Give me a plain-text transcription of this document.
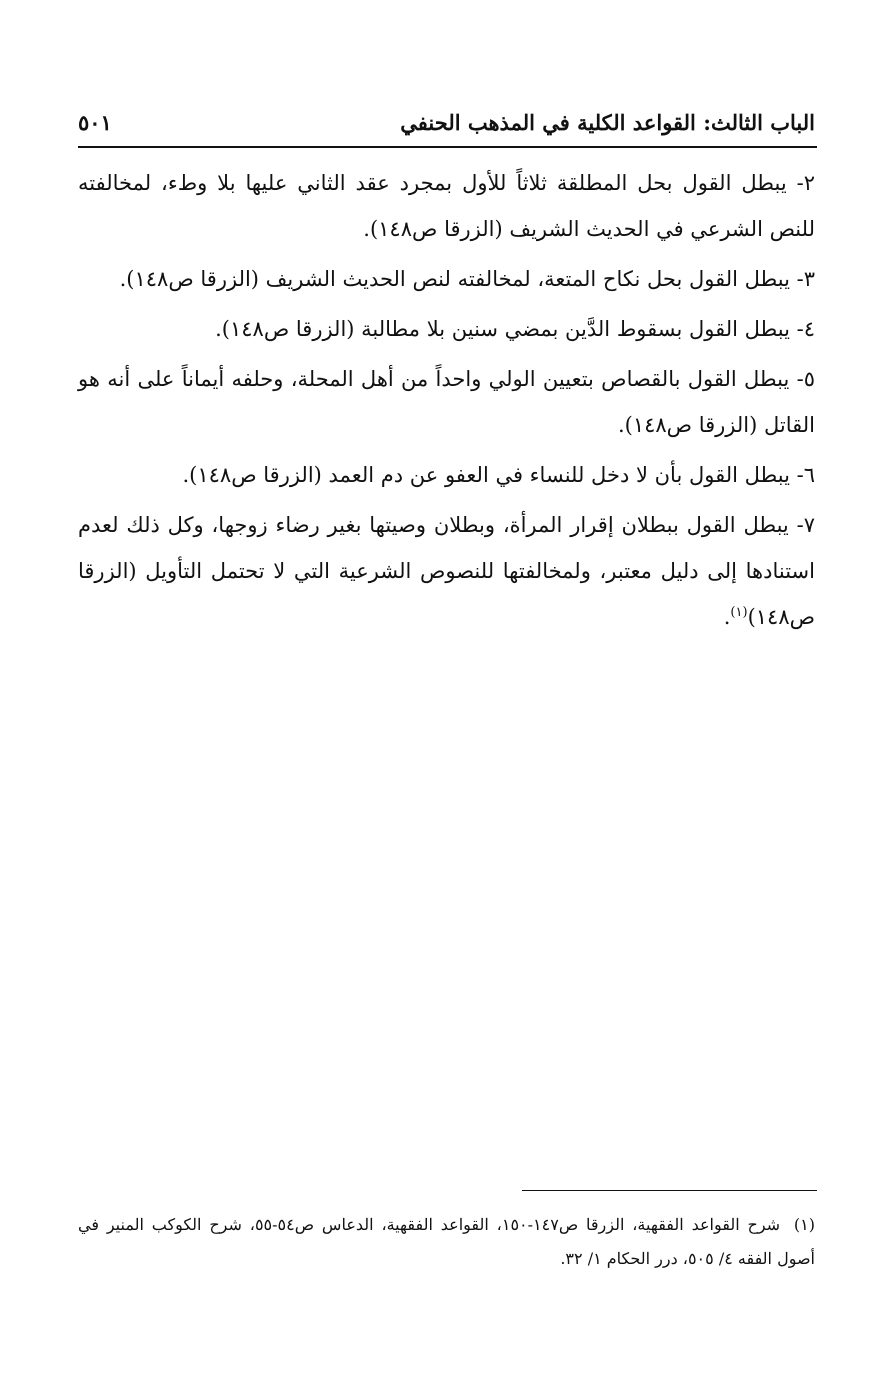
الباب الثالث: القواعد الكلية في المذهب الحنفي
٥٠١

٢- يبطل القول بحل المطلقة ثلاثاً للأول بمجرد عقد الثاني عليها بلا وطء، لمخالفته للنص الشرعي في الحديث الشريف (الزرقا ص١٤٨).

٣- يبطل القول بحل نكاح المتعة، لمخالفته لنص الحديث الشريف (الزرقا ص١٤٨).

٤- يبطل القول بسقوط الدَّين بمضي سنين بلا مطالبة (الزرقا ص١٤٨).

٥- يبطل القول بالقصاص بتعيين الولي واحداً من أهل المحلة، وحلفه أيماناً على أنه هو القاتل (الزرقا ص١٤٨).

٦- يبطل القول بأن لا دخل للنساء في العفو عن دم العمد (الزرقا ص١٤٨).

٧- يبطل القول ببطلان إقرار المرأة، وبطلان وصيتها بغير رضاء زوجها، وكل ذلك لعدم استنادها إلى دليل معتبر، ولمخالفتها للنصوص الشرعية التي لا تحتمل التأويل (الزرقا ص١٤٨)$^{(١)}$.

(١) شرح القواعد الفقهية، الزرقا ص١٤٧-١٥٠، القواعد الفقهية، الدعاس ص٥٤-٥٥، شرح الكوكب المنير في أصول الفقه ٤/ ٥٠٥، درر الحكام ١/ ٣٢.
